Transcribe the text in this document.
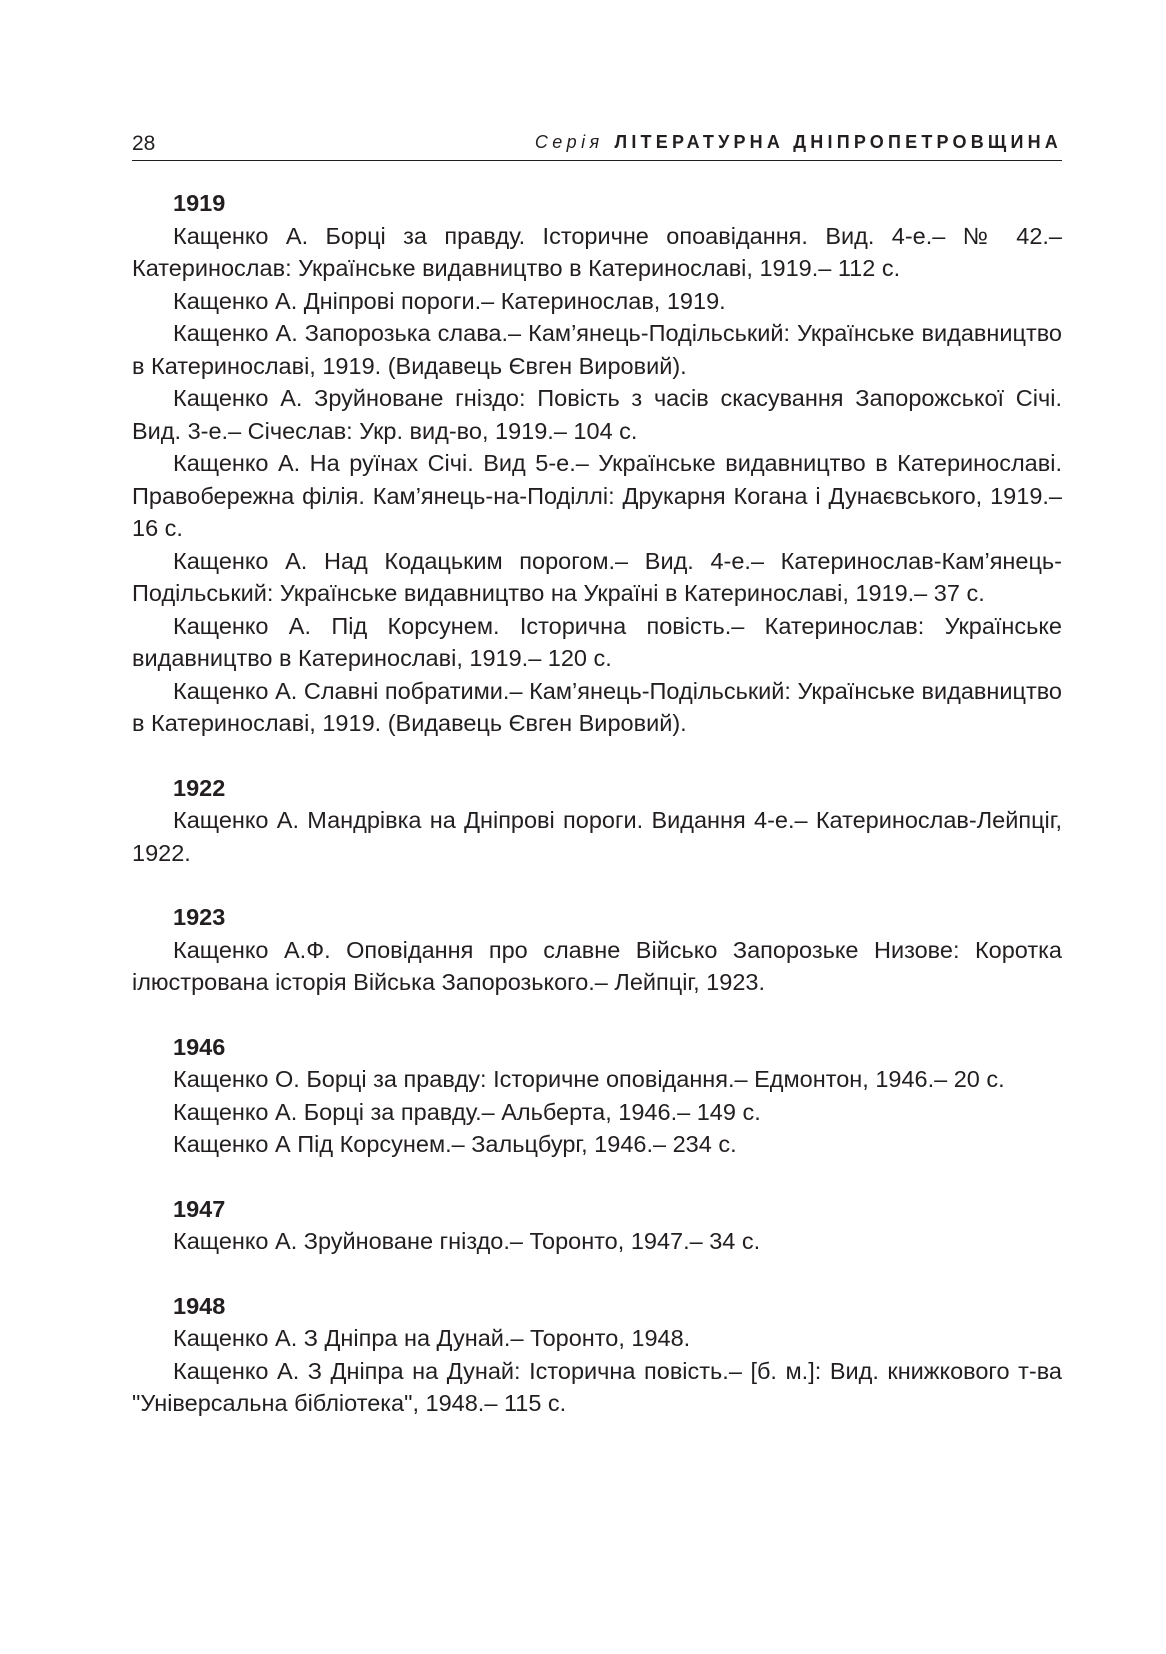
28	Серія ЛІТЕРАТУРНА ДНІПРОПЕТРОВЩИНА
1919

Кащенко А. Борці за правду. Історичне опоавідання. Вид. 4-е.– № 42.– Катеринослав: Українське видавництво в Катеринославі, 1919.– 112 с.

Кащенко А. Дніпрові пороги.– Катеринослав, 1919.

Кащенко А. Запорозька слава.– Кам’янець-Подільський: Українське видавництво в Катеринославі, 1919. (Видавець Євген Вировий).

Кащенко А. Зруйноване гніздо: Повість з часів скасування Запорожської Січі. Вид. 3-е.– Січеслав: Укр. вид-во, 1919.– 104 с.

Кащенко А. На руїнах Січі. Вид 5-е.– Українське видавництво в Катеринославі. Правобережна філія. Кам’янець-на-Поділлі: Друкарня Когана і Дунаєвського, 1919.– 16 с.

Кащенко А. Над Кодацьким порогом.– Вид. 4-е.– Катеринослав-Кам’янець-Подільський: Українське видавництво на Україні в Катеринославі, 1919.– 37 с.

Кащенко А. Під Корсунем. Історична повість.– Катеринослав: Українське видавництво в Катеринославі, 1919.– 120 с.

Кащенко А. Славні побратими.– Кам’янець-Подільський: Українське видавництво в Катеринославі, 1919. (Видавець Євген Вировий).

1922

Кащенко А. Мандрівка на Дніпрові пороги. Видання 4-е.– Катеринослав-Лейпціг, 1922.

1923

Кащенко А.Ф. Оповідання про славне Військо Запорозьке Низове: Коротка ілюстрована історія Війська Запорозького.– Лейпціг, 1923.

1946

Кащенко О. Борці за правду: Історичне оповідання.– Едмонтон, 1946.– 20 с.

Кащенко А. Борці за правду.– Альберта, 1946.– 149 с.

Кащенко А Під Корсунем.– Зальцбург, 1946.– 234 с.

1947

Кащенко А. Зруйноване гніздо.– Торонто, 1947.– 34 с.

1948

Кащенко А. З Дніпра на Дунай.– Торонто, 1948.

Кащенко А. З Дніпра на Дунай: Історична повість.– [б. м.]: Вид. книжкового т-ва "Універсальна бібліотека", 1948.– 115 с.
